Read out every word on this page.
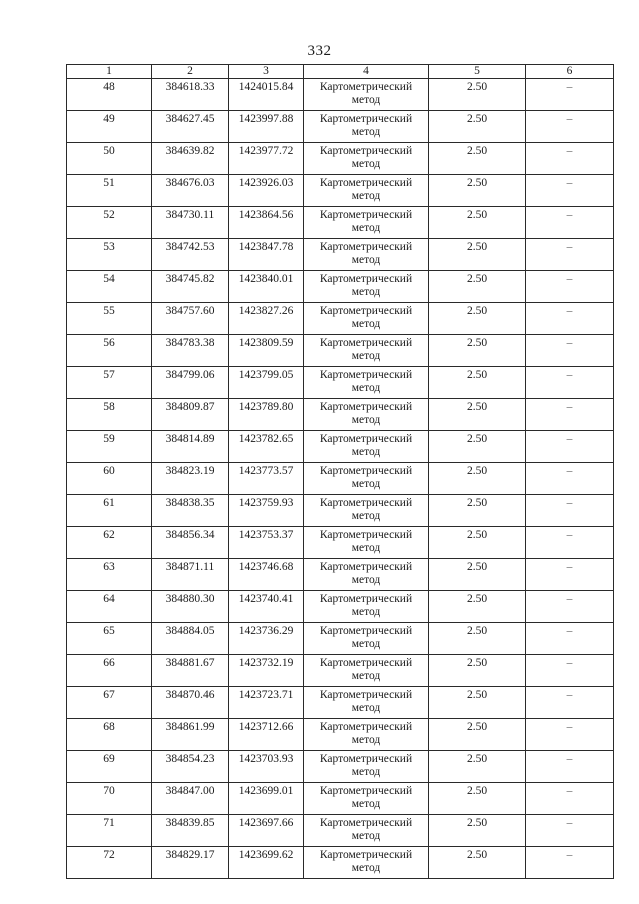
332
1	2	3	4	5	6
48	384618.33	1424015.84	Картометрический
метод	2.50	–
49	384627.45	1423997.88	Картометрический
метод	2.50	–
50	384639.82	1423977.72	Картометрический
метод	2.50	–
51	384676.03	1423926.03	Картометрический
метод	2.50	–
52	384730.11	1423864.56	Картометрический
метод	2.50	–
53	384742.53	1423847.78	Картометрический
метод	2.50	–
54	384745.82	1423840.01	Картометрический
метод	2.50	–
55	384757.60	1423827.26	Картометрический
метод	2.50	–
56	384783.38	1423809.59	Картометрический
метод	2.50	–
57	384799.06	1423799.05	Картометрический
метод	2.50	–
58	384809.87	1423789.80	Картометрический
метод	2.50	–
59	384814.89	1423782.65	Картометрический
метод	2.50	–
60	384823.19	1423773.57	Картометрический
метод	2.50	–
61	384838.35	1423759.93	Картометрический
метод	2.50	–
62	384856.34	1423753.37	Картометрический
метод	2.50	–
63	384871.11	1423746.68	Картометрический
метод	2.50	–
64	384880.30	1423740.41	Картометрический
метод	2.50	–
65	384884.05	1423736.29	Картометрический
метод	2.50	–
66	384881.67	1423732.19	Картометрический
метод	2.50	–
67	384870.46	1423723.71	Картометрический
метод	2.50	–
68	384861.99	1423712.66	Картометрический
метод	2.50	–
69	384854.23	1423703.93	Картометрический
метод	2.50	–
70	384847.00	1423699.01	Картометрический
метод	2.50	–
71	384839.85	1423697.66	Картометрический
метод	2.50	–
72	384829.17	1423699.62	Картометрический
метод	2.50	–
